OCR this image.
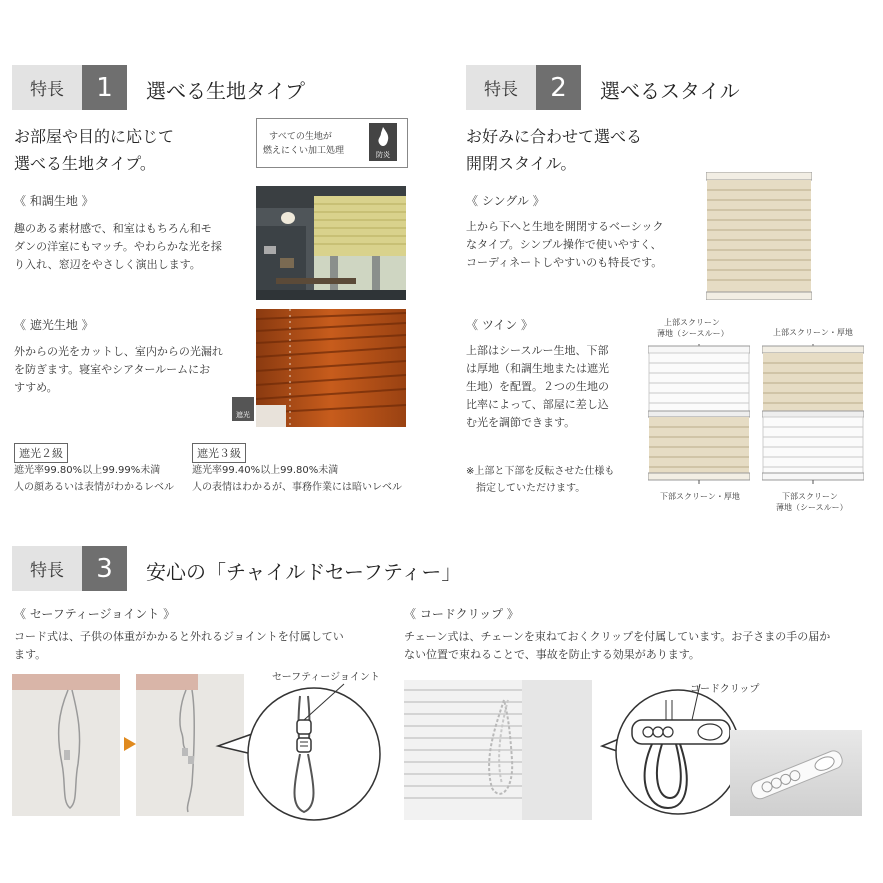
特長	1	選べる生地タイプ
お部屋や目的に応じて
選べる生地タイプ。
すべての生地が
燃えにくい加工処理	防炎
《 和調生地 》
趣のある素材感で、和室はもちろん和モ
ダンの洋室にもマッチ。やわらかな光を採
り入れ、窓辺をやさしく演出します。
《 遮光生地 》
外からの光をカットし、室内からの光漏れ
を防ぎます。寝室やシアタールームにお
すすめ。
遮光
遮光２級
遮光率99.80%以上99.99%未満
人の顔あるいは表情がわかるレベル
遮光３級
遮光率99.40%以上99.80%未満
人の表情はわかるが、事務作業には暗いレベル
特長	2	選べるスタイル
お好みに合わせて選べる
開閉スタイル。
《 シングル 》
上から下へと生地を開閉するベーシック
なタイプ。シンプル操作で使いやすく、
コーディネートしやすいのも特長です。
《 ツイン 》
上部はシースルー生地、下部
は厚地（和調生地または遮光
生地）を配置。２つの生地の
比率によって、部屋に差し込
む光を調節できます。
※上部と下部を反転させた仕様も
　指定していただけます。
上部スクリーン
薄地（シースルー）	上部スクリーン・厚地
下部スクリーン・厚地	下部スクリーン
薄地（シースルー）
特長	3	安心の「チャイルドセーフティー」
《 セーフティージョイント 》
コード式は、子供の体重がかかると外れるジョイントを付属してい
ます。
《 コードクリップ 》
チェーン式は、チェーンを束ねておくクリップを付属しています。お子さまの手の届か
ない位置で束ねることで、事故を防止する効果があります。
セーフティージョイント
コードクリップ
